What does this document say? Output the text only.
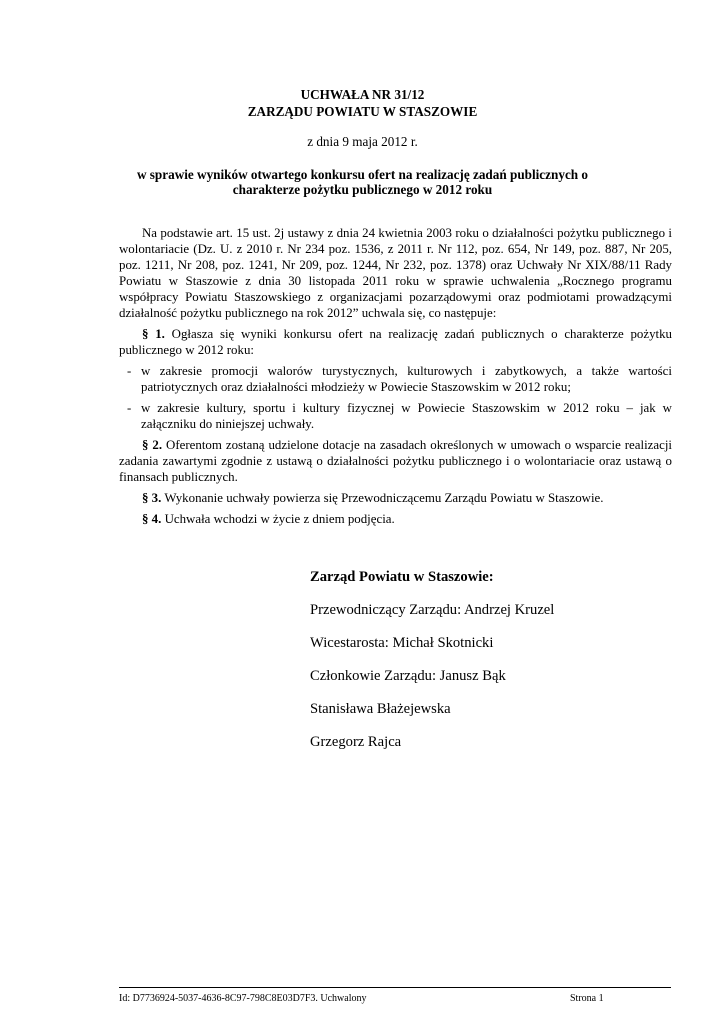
UCHWAŁA NR 31/12
ZARZĄDU POWIATU W STASZOWIE
z dnia 9 maja 2012 r.
w sprawie wyników otwartego konkursu ofert na realizację zadań publicznych o charakterze pożytku publicznego w 2012 roku

Na podstawie art. 15 ust. 2j ustawy z dnia 24 kwietnia 2003 roku o działalności pożytku publicznego i wolontariacie (Dz. U. z 2010 r. Nr 234 poz. 1536, z 2011 r. Nr 112, poz. 654, Nr 149, poz. 887, Nr 205, poz. 1211, Nr 208, poz. 1241, Nr 209, poz. 1244, Nr 232, poz. 1378) oraz Uchwały Nr XIX/88/11 Rady Powiatu w Staszowie z dnia 30 listopada 2011 roku w sprawie uchwalenia „Rocznego programu współpracy Powiatu Staszowskiego z organizacjami pozarządowymi oraz podmiotami prowadzącymi działalność pożytku publicznego na rok 2012” uchwala się, co następuje:

§ 1. Ogłasza się wyniki konkursu ofert na realizację zadań publicznych o charakterze pożytku publicznego w 2012 roku:

- w zakresie promocji walorów turystycznych, kulturowych i zabytkowych, a także wartości patriotycznych oraz działalności młodzieży w Powiecie Staszowskim w 2012 roku;
- w zakresie kultury, sportu i kultury fizycznej w Powiecie Staszowskim w 2012 roku – jak w załączniku do niniejszej uchwały.

§ 2. Oferentom zostaną udzielone dotacje na zasadach określonych w umowach o wsparcie realizacji zadania zawartymi zgodnie z ustawą o działalności pożytku publicznego i o wolontariacie oraz ustawą o finansach publicznych.

§ 3. Wykonanie uchwały powierza się Przewodniczącemu Zarządu Powiatu w Staszowie.

§ 4. Uchwała wchodzi w życie z dniem podjęcia.

Zarząd Powiatu w Staszowie:
Przewodniczący Zarządu: Andrzej Kruzel
Wicestarosta: Michał Skotnicki
Członkowie Zarządu: Janusz Bąk
Stanisława Błażejewska
Grzegorz Rajca
Id: D7736924-5037-4636-8C97-798C8E03D7F3. Uchwalony	Strona 1
